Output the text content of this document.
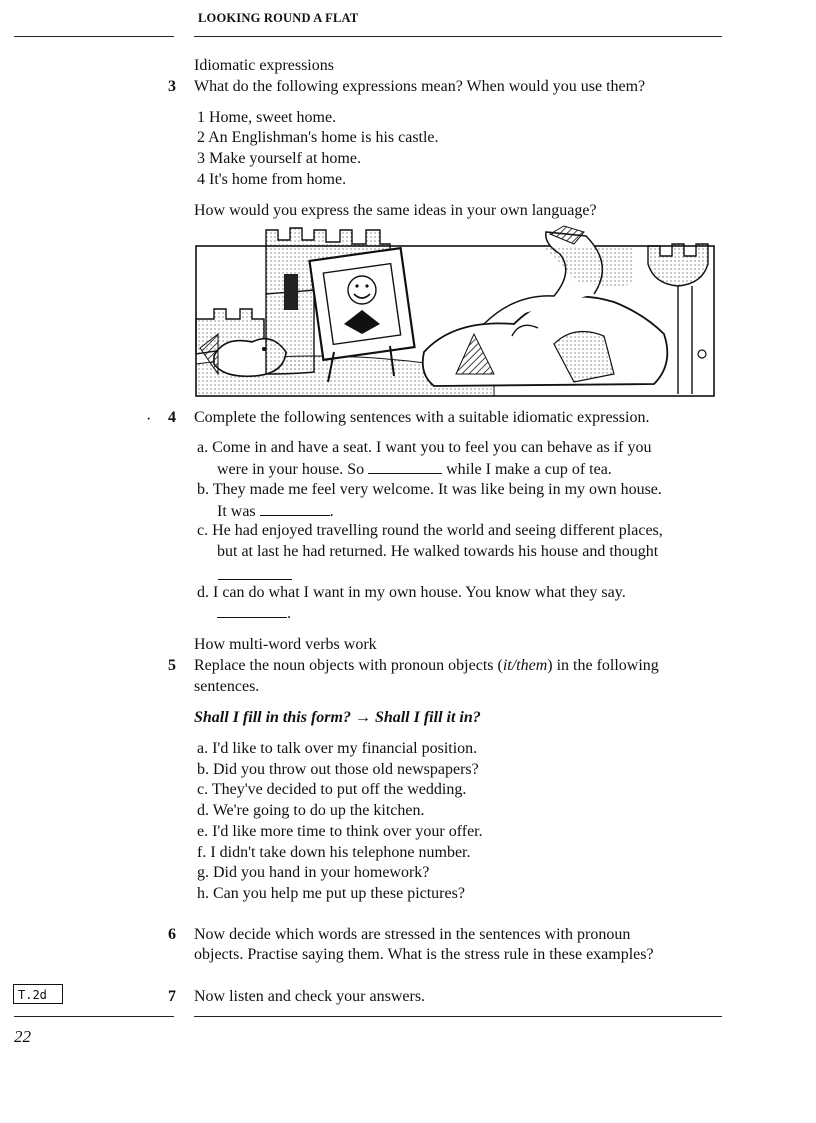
LOOKING ROUND A FLAT
Idiomatic expressions
3 What do the following expressions mean? When would you use them?
1 Home, sweet home.
2 An Englishman's home is his castle.
3 Make yourself at home.
4 It's home from home.
How would you express the same ideas in your own language?
· 4 Complete the following sentences with a suitable idiomatic expression.
a. Come in and have a seat. I want you to feel you can behave as if you
were in your house. So	while I make a cup of tea.
b. They made me feel very welcome. It was like being in my own house.
It was	.
c. He had enjoyed travelling round the world and seeing different places,
but at last he had returned. He walked towards his house and thought
d. I can do what I want in my own house. You know what they say.
.
How multi-word verbs work
5 Replace the noun objects with pronoun objects (it/them) in the following
sentences.
Shall I fill in this form? → Shall I fill it in?
a. I'd like to talk over my financial position.
b. Did you throw out those old newspapers?
c. They've decided to put off the wedding.
d. We're going to do up the kitchen.
e. I'd like more time to think over your offer.
f. I didn't take down his telephone number.
g. Did you hand in your homework?
h. Can you help me put up these pictures?
6 Now decide which words are stressed in the sentences with pronoun
objects. Practise saying them. What is the stress rule in these examples?
T.2d	7 Now listen and check your answers.
22
